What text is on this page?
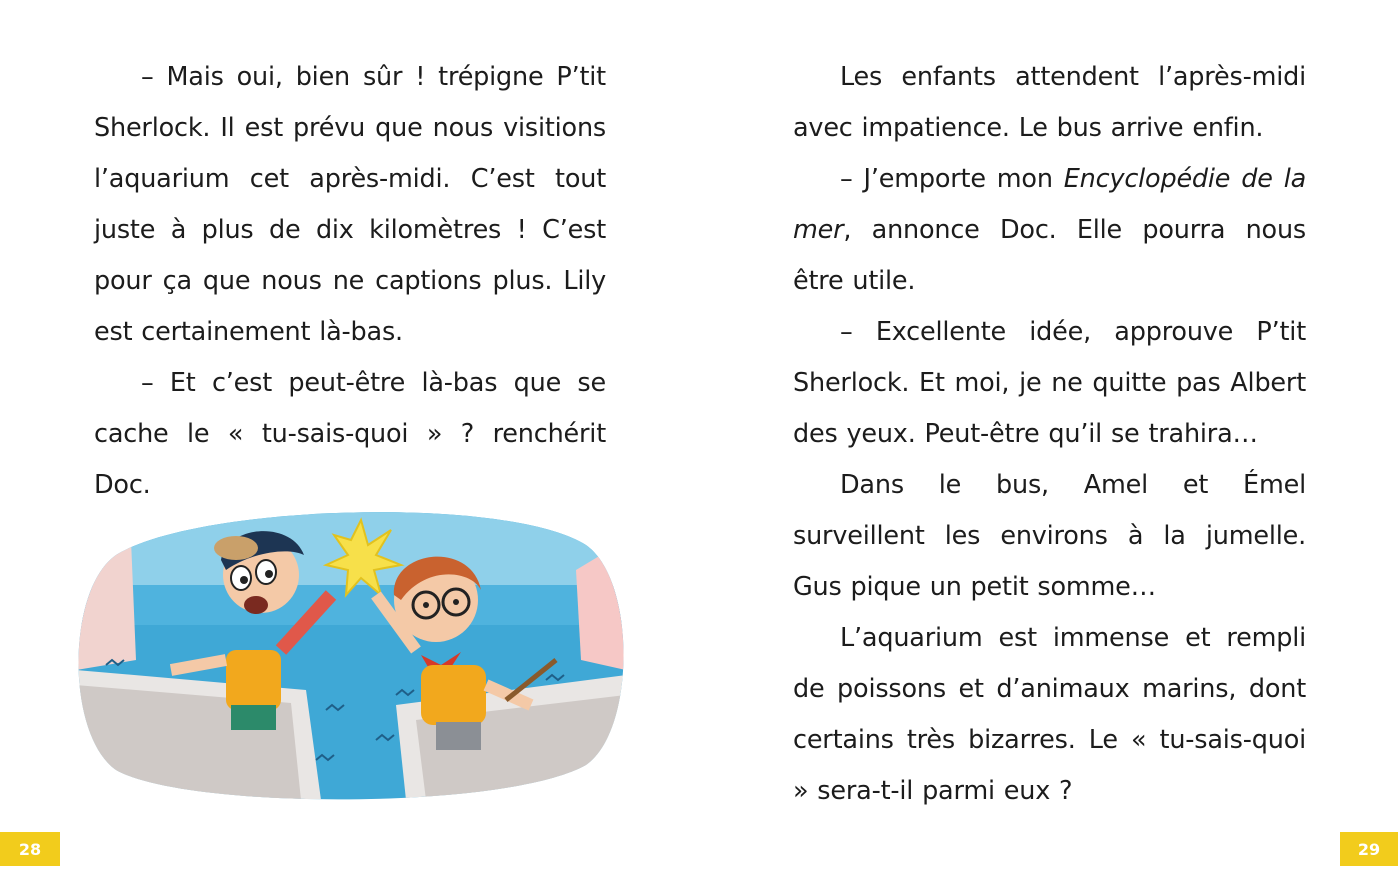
– Mais oui, bien sûr ! trépigne P’tit Sherlock. Il est prévu que nous visitions l’aquarium cet après-midi. C’est tout juste à plus de dix kilomètres ! C’est pour ça que nous ne captions plus. Lily est certainement là-bas.

– Et c’est peut-être là-bas que se cache le « tu-sais-quoi » ? renchérit Doc.

28

Les enfants attendent l’après-midi avec impatience. Le bus arrive enfin.

– J’emporte mon Encyclopédie de la mer, annonce Doc. Elle pourra nous être utile.

– Excellente idée, approuve P’tit Sherlock. Et moi, je ne quitte pas Albert des yeux. Peut-être qu’il se trahira…

Dans le bus, Amel et Émel surveillent les environs à la jumelle. Gus pique un petit somme…

L’aquarium est immense et rempli de poissons et d’animaux marins, dont certains très bizarres. Le « tu-sais-quoi » sera-t-il parmi eux ?

29
